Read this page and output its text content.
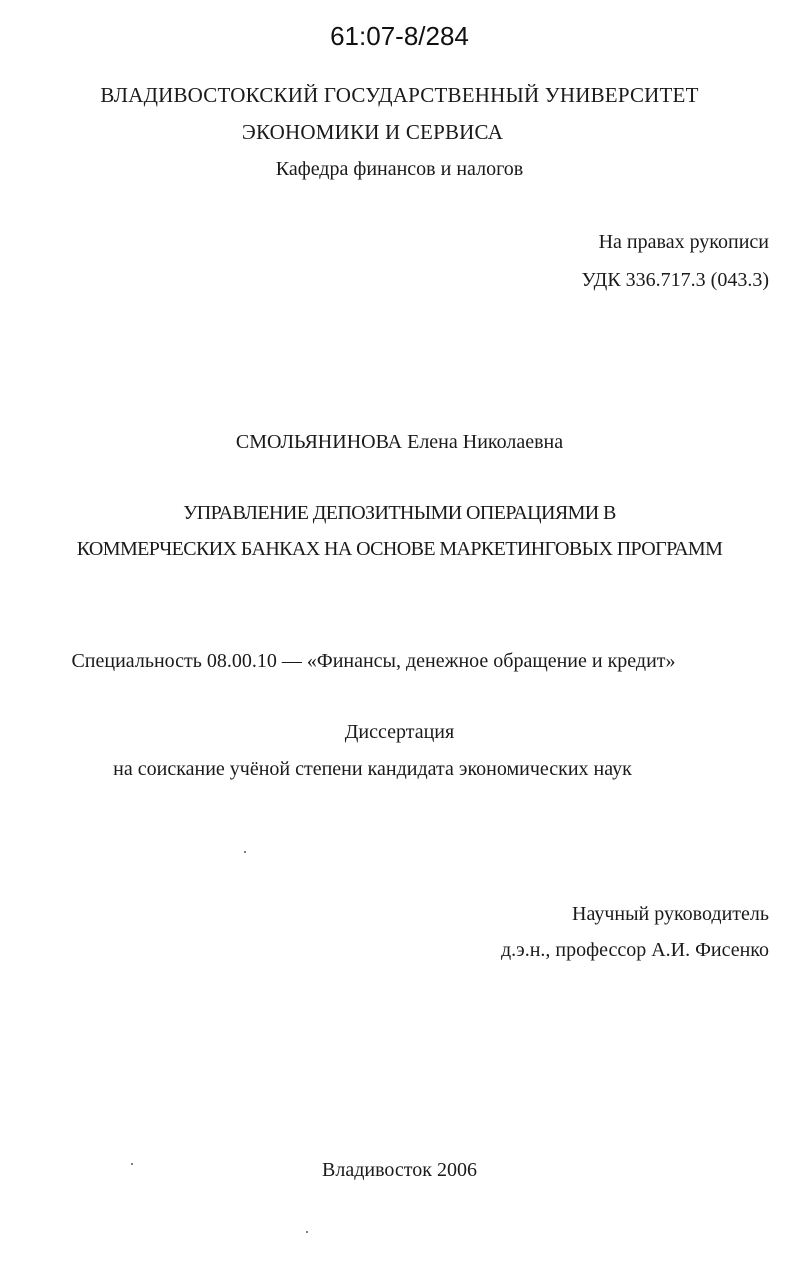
61:07-8/284
ВЛАДИВОСТОКСКИЙ ГОСУДАРСТВЕННЫЙ УНИВЕРСИТЕТ
ЭКОНОМИКИ И СЕРВИСА
Кафедра финансов и налогов
На правах рукописи
УДК 336.717.3 (043.3)
СМОЛЬЯНИНОВА Елена Николаевна
УПРАВЛЕНИЕ ДЕПОЗИТНЫМИ ОПЕРАЦИЯМИ В
КОММЕРЧЕСКИХ БАНКАХ НА ОСНОВЕ МАРКЕТИНГОВЫХ ПРОГРАММ
Специальность 08.00.10 — «Финансы, денежное обращение и кредит»
Диссертация
на соискание учёной степени кандидата экономических наук
Научный руководитель
д.э.н., профессор А.И. Фисенко
Владивосток 2006
